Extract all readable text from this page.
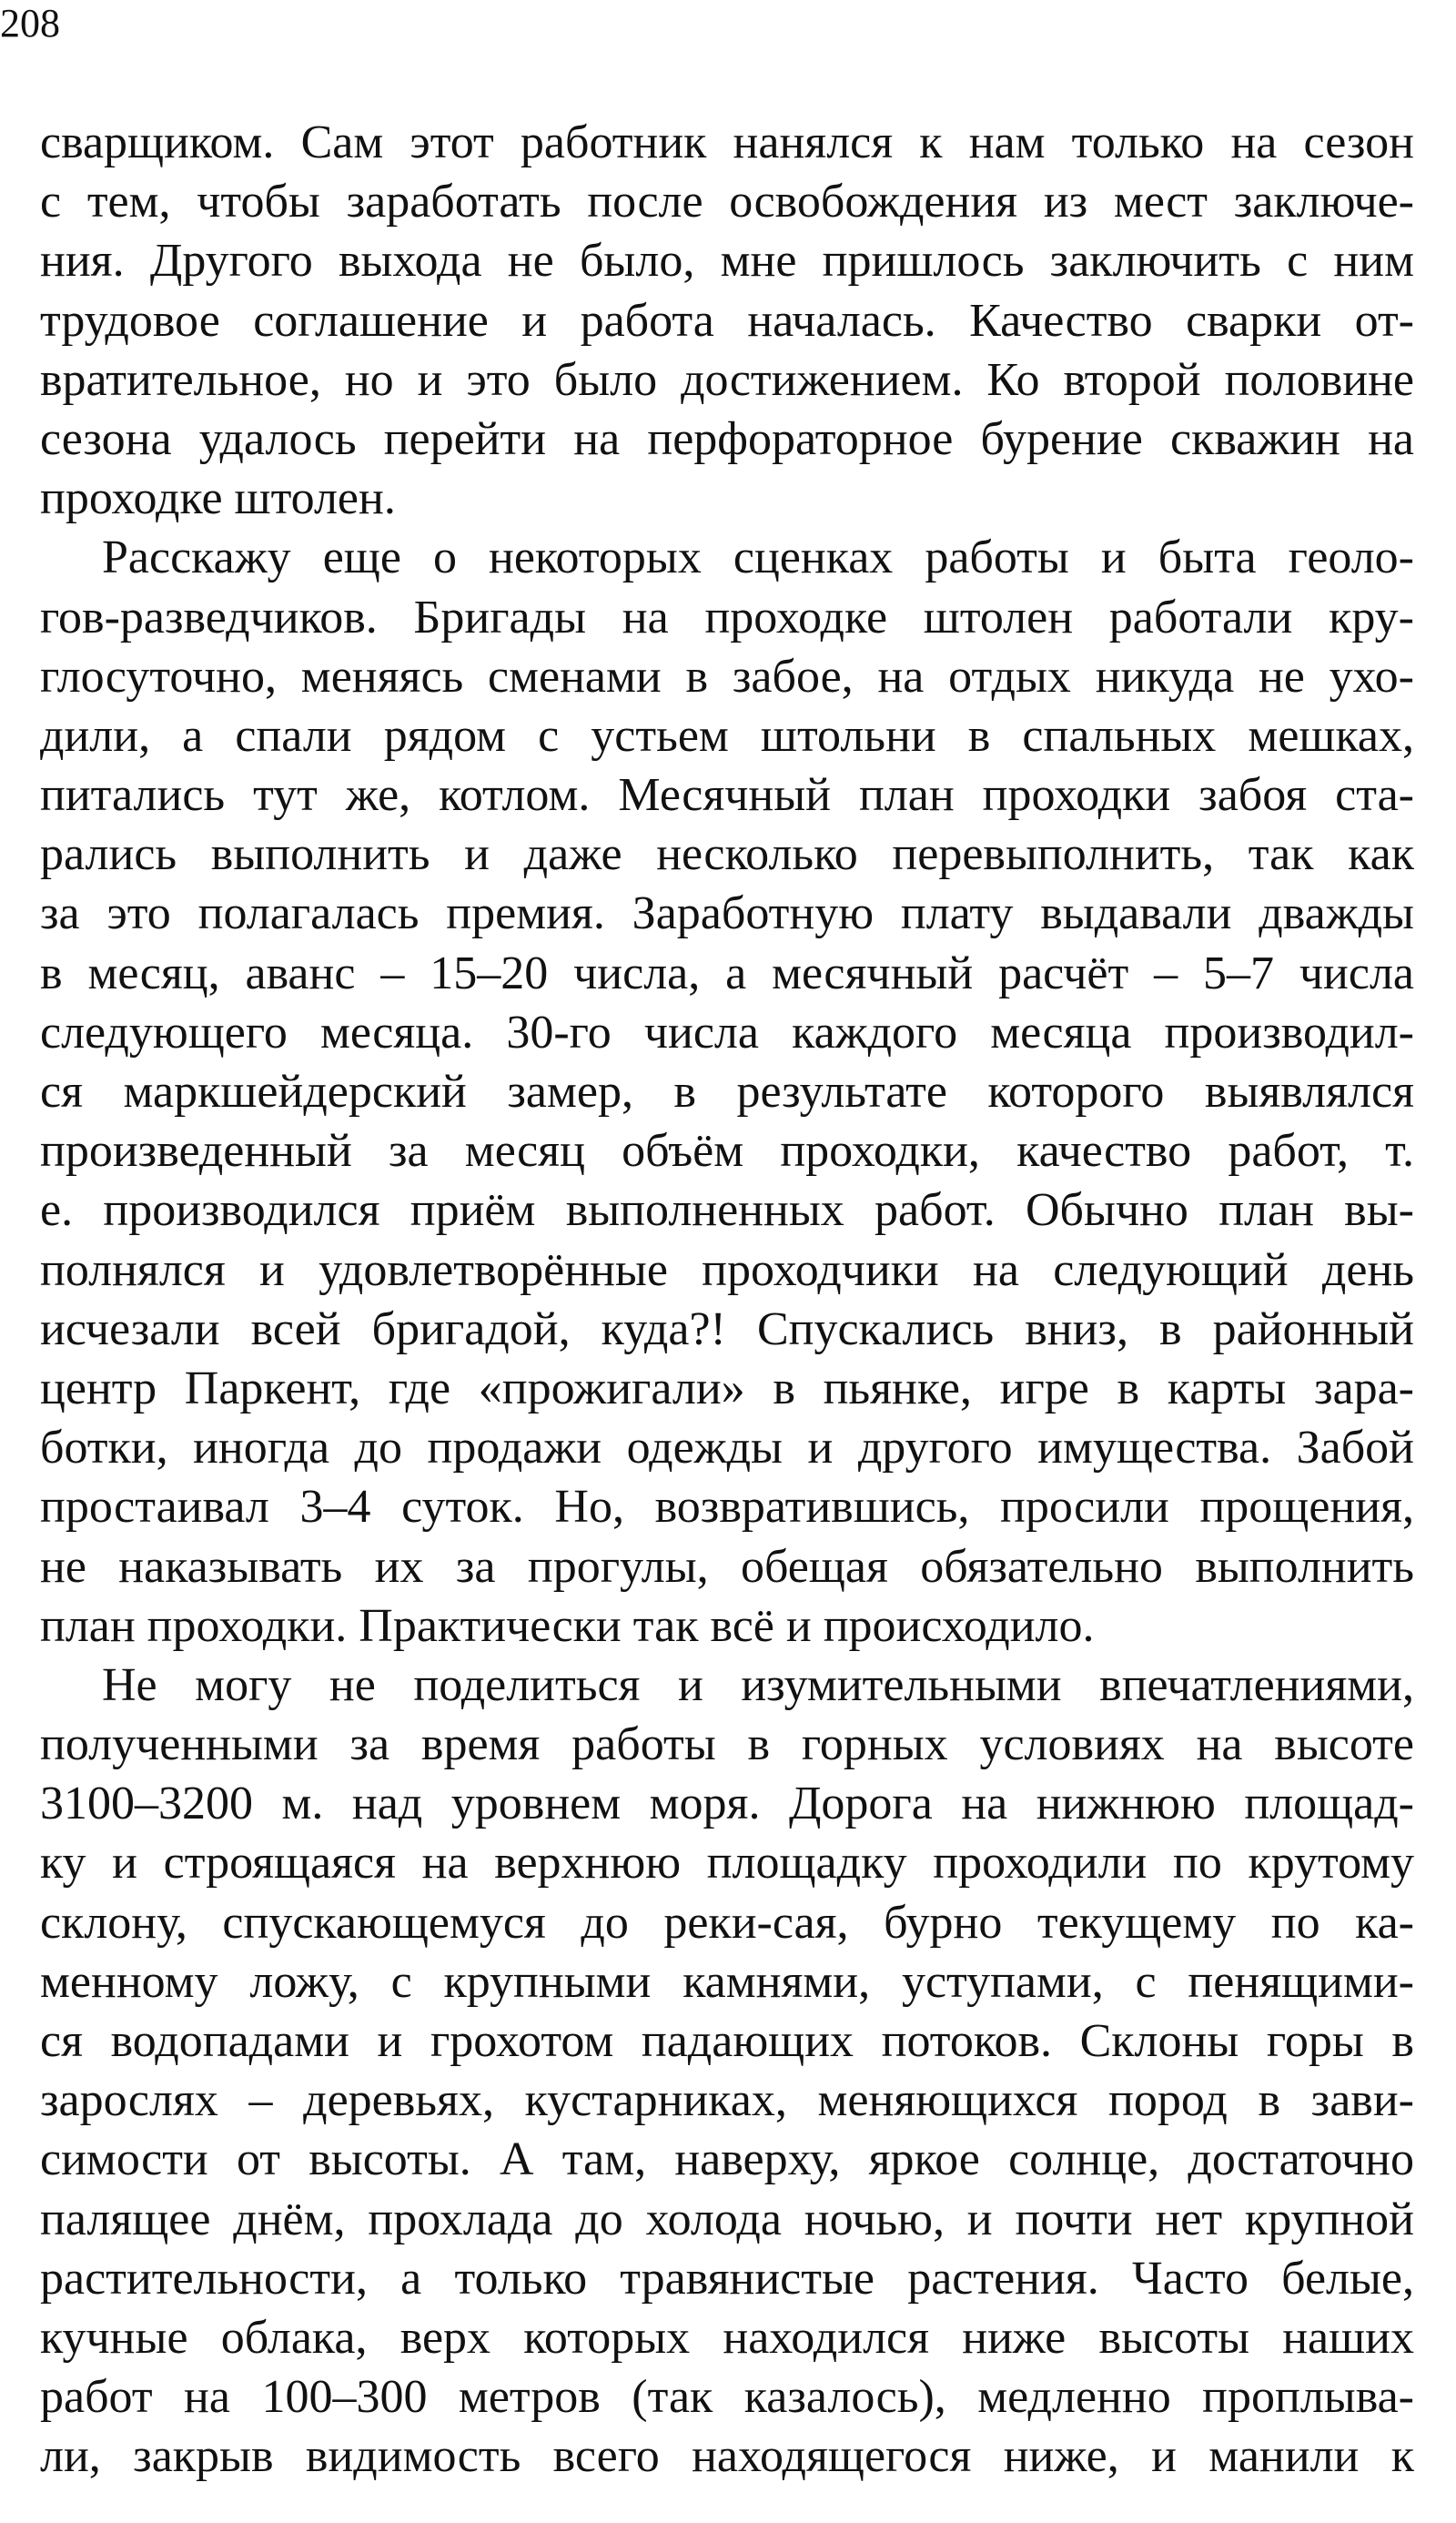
208
сварщиком. Сам этот работник нанялся к нам только на сезон
с тем, чтобы заработать после освобождения из мест заключе-
ния. Другого выхода не было, мне пришлось заключить с ним
трудовое соглашение и работа началась. Качество сварки от-
вратительное, но и это было достижением. Ко второй половине
сезона удалось перейти на перфораторное бурение скважин на
проходке штолен.
Расскажу еще о некоторых сценках работы и быта геоло-
гов-разведчиков. Бригады на проходке штолен работали кру-
глосуточно, меняясь сменами в забое, на отдых никуда не ухо-
дили, а спали рядом с устьем штольни в спальных мешках,
питались тут же, котлом. Месячный план проходки забоя ста-
рались выполнить и даже несколько перевыполнить, так как
за это полагалась премия. Заработную плату выдавали дважды
в месяц, аванс – 15–20 числа, а месячный расчёт – 5–7 числа
следующего месяца. 30-го числа каждого месяца производил-
ся маркшейдерский замер, в результате которого выявлялся
произведенный за месяц объём проходки, качество работ, т.
е. производился приём выполненных работ. Обычно план вы-
полнялся и удовлетворённые проходчики на следующий день
исчезали всей бригадой, куда?! Спускались вниз, в районный
центр Паркент, где «прожигали» в пьянке, игре в карты зара-
ботки, иногда до продажи одежды и другого имущества. Забой
простаивал 3–4 суток. Но, возвратившись, просили прощения,
не наказывать их за прогулы, обещая обязательно выполнить
план проходки. Практически так всё и происходило.
Не могу не поделиться и изумительными впечатлениями,
полученными за время работы в горных условиях на высоте
3100–3200 м. над уровнем моря. Дорога на нижнюю площад-
ку и строящаяся на верхнюю площадку проходили по крутому
склону, спускающемуся до реки-сая, бурно текущему по ка-
менному ложу, с крупными камнями, уступами, с пенящими-
ся водопадами и грохотом падающих потоков. Склоны горы в
зарослях – деревьях, кустарниках, меняющихся пород в зави-
симости от высоты. А там, наверху, яркое солнце, достаточно
палящее днём, прохлада до холода ночью, и почти нет крупной
растительности, а только травянистые растения. Часто белые,
кучные облака, верх которых находился ниже высоты наших
работ на 100–300 метров (так казалось), медленно проплыва-
ли, закрыв видимость всего находящегося ниже, и манили к
